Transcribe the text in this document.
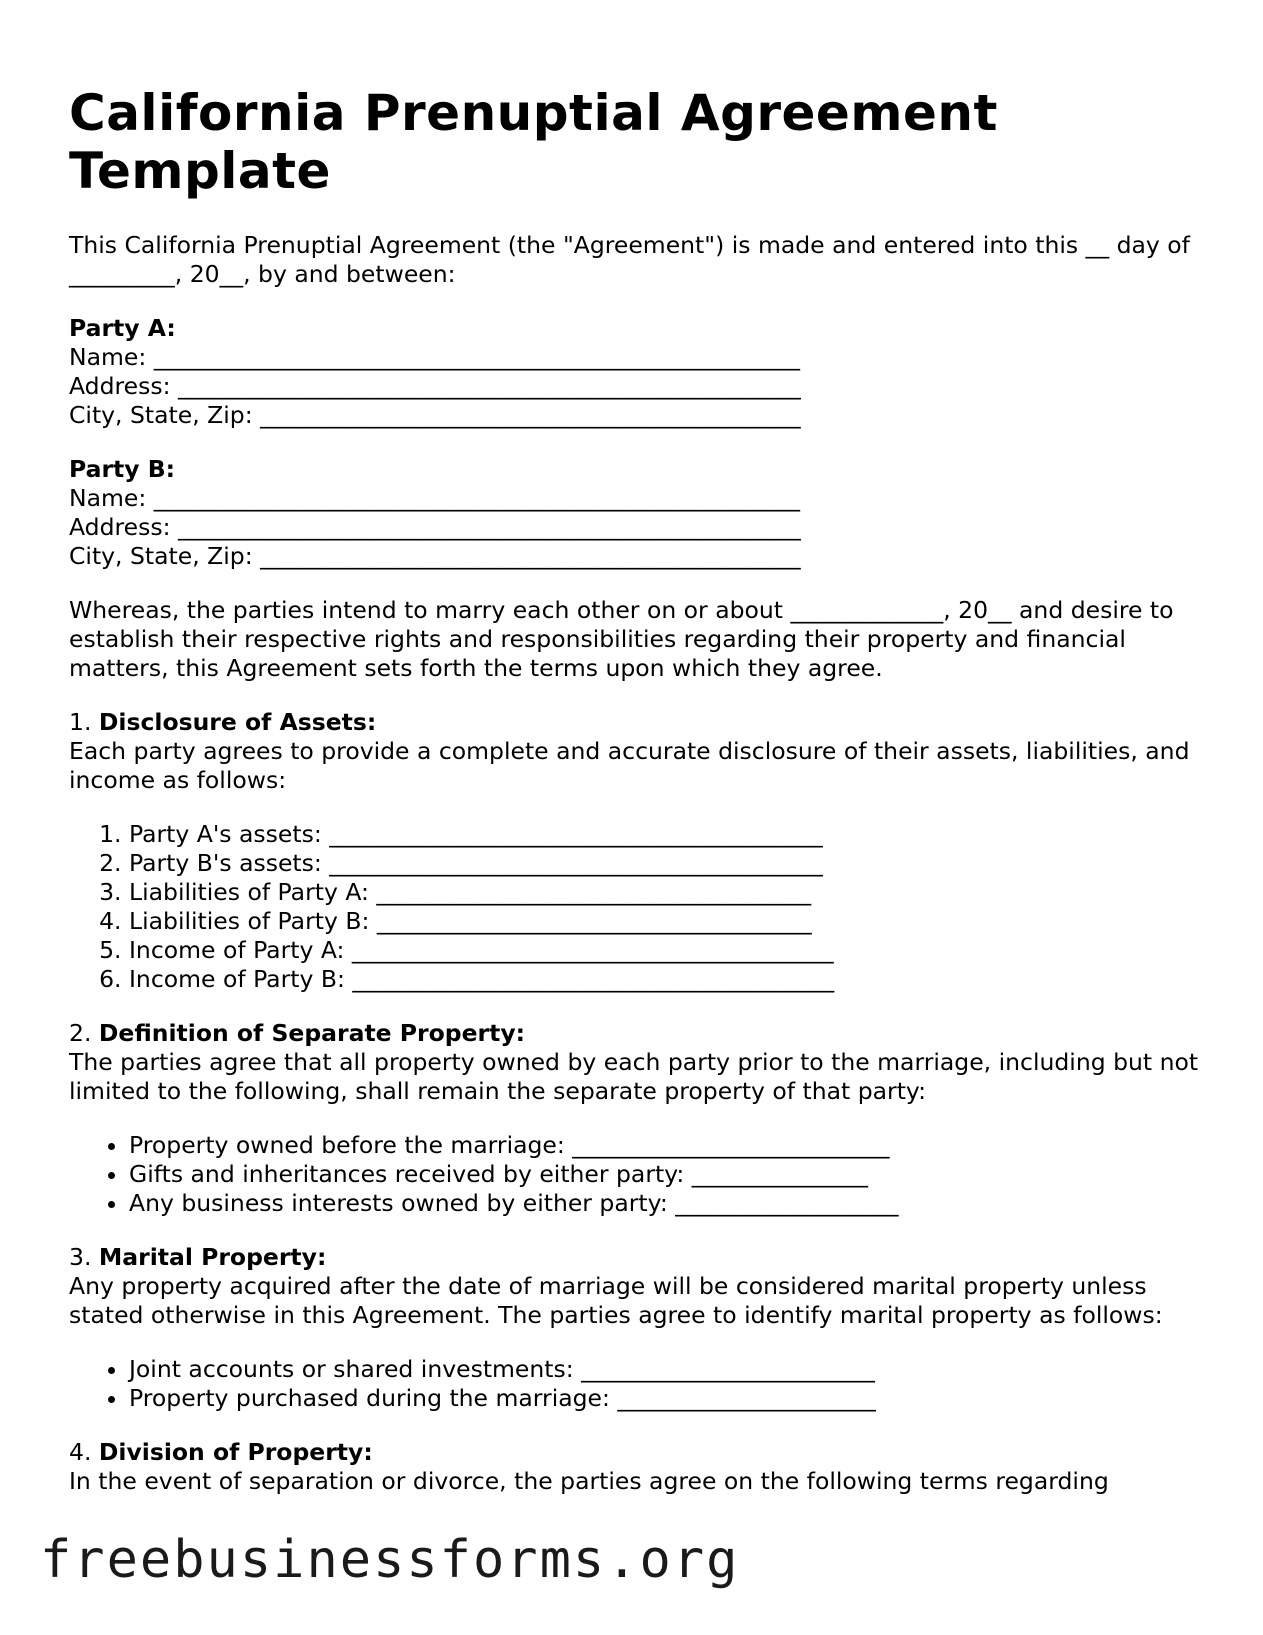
California Prenuptial Agreement Template

This California Prenuptial Agreement (the "Agreement") is made and entered into this __ day of _________, 20__, by and between:

Party A:
Name: _______________________________________________________
Address: _____________________________________________________
City, State, Zip: ______________________________________________
Party B:
Name: _______________________________________________________
Address: _____________________________________________________
City, State, Zip: ______________________________________________

Whereas, the parties intend to marry each other on or about _____________, 20__ and desire to establish their respective rights and responsibilities regarding their property and financial matters, this Agreement sets forth the terms upon which they agree.

1. Disclosure of Assets:

Each party agrees to provide a complete and accurate disclosure of their assets, liabilities, and income as follows:

1. Party A's assets: __________________________________________
2. Party B's assets: __________________________________________
3. Liabilities of Party A: _____________________________________
4. Liabilities of Party B: _____________________________________
5. Income of Party A: _________________________________________
6. Income of Party B: _________________________________________
2. Definition of Separate Property:

The parties agree that all property owned by each party prior to the marriage, including but not limited to the following, shall remain the separate property of that party:

• Property owned before the marriage: ___________________________
• Gifts and inheritances received by either party: _______________
• Any business interests owned by either party: ___________________
3. Marital Property:

Any property acquired after the date of marriage will be considered marital property unless stated otherwise in this Agreement. The parties agree to identify marital property as follows:

• Joint accounts or shared investments: _________________________
• Property purchased during the marriage: ______________________
4. Division of Property:

In the event of separation or divorce, the parties agree on the following terms regarding

freebusinessforms.org
